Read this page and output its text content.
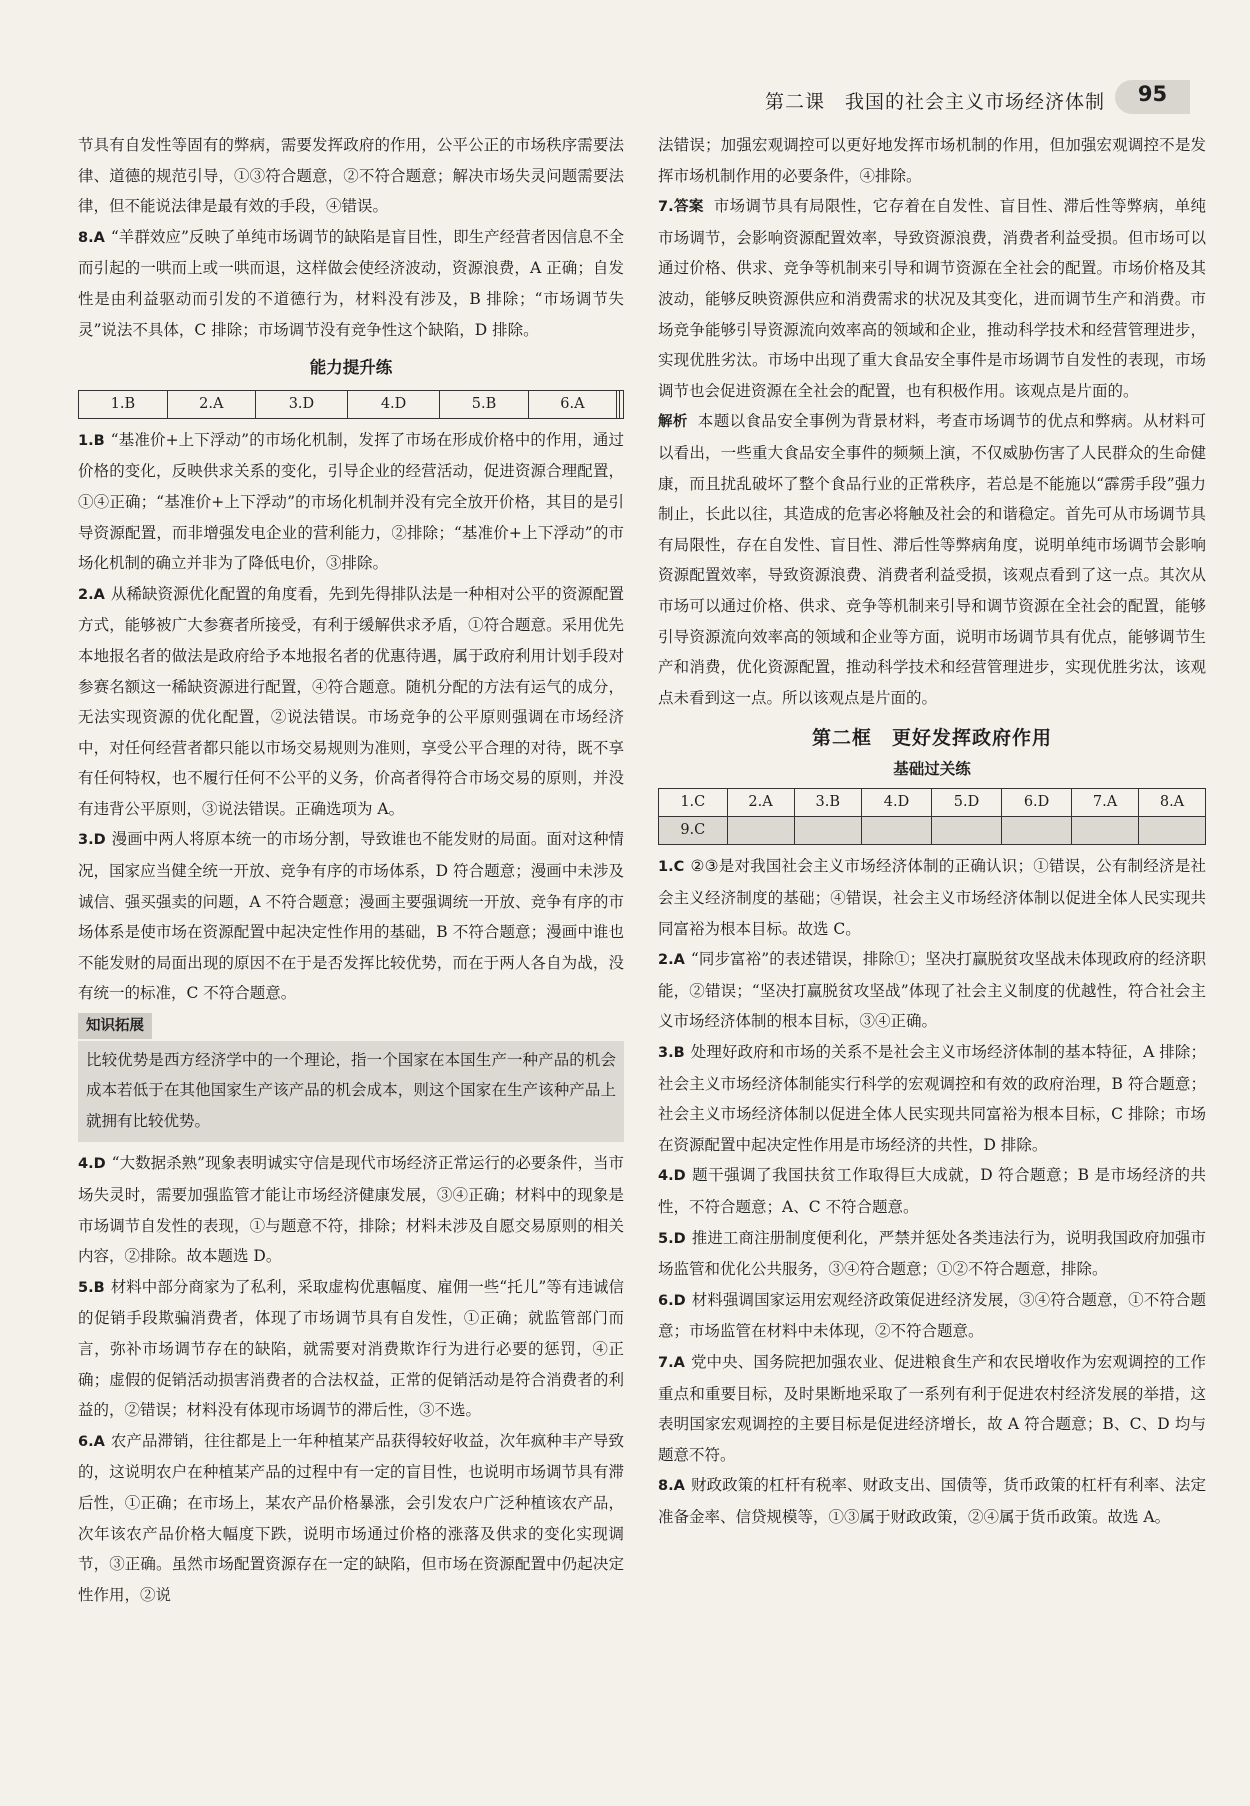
第二课　我国的社会主义市场经济体制	95

节具有自发性等固有的弊病，需要发挥政府的作用，公平公正的市场秩序需要法律、道德的规范引导，①③符合题意，②不符合题意；解决市场失灵问题需要法律，但不能说法律是最有效的手段，④错误。

8.A “羊群效应”反映了单纯市场调节的缺陷是盲目性，即生产经营者因信息不全而引起的一哄而上或一哄而退，这样做会使经济波动，资源浪费，A 正确；自发性是由利益驱动而引发的不道德行为，材料没有涉及，B 排除；“市场调节失灵”说法不具体，C 排除；市场调节没有竞争性这个缺陷，D 排除。

能力提升练
1.B	2.A	3.D	4.D	5.B	6.A		

1.B “基准价+上下浮动”的市场化机制，发挥了市场在形成价格中的作用，通过价格的变化，反映供求关系的变化，引导企业的经营活动，促进资源合理配置，①④正确；“基准价+上下浮动”的市场化机制并没有完全放开价格，其目的是引导资源配置，而非增强发电企业的营利能力，②排除；“基准价+上下浮动”的市场化机制的确立并非为了降低电价，③排除。

2.A 从稀缺资源优化配置的角度看，先到先得排队法是一种相对公平的资源配置方式，能够被广大参赛者所接受，有利于缓解供求矛盾，①符合题意。采用优先本地报名者的做法是政府给予本地报名者的优惠待遇，属于政府利用计划手段对参赛名额这一稀缺资源进行配置，④符合题意。随机分配的方法有运气的成分，无法实现资源的优化配置，②说法错误。市场竞争的公平原则强调在市场经济中，对任何经营者都只能以市场交易规则为准则，享受公平合理的对待，既不享有任何特权，也不履行任何不公平的义务，价高者得符合市场交易的原则，并没有违背公平原则，③说法错误。正确选项为 A。

3.D 漫画中两人将原本统一的市场分割，导致谁也不能发财的局面。面对这种情况，国家应当健全统一开放、竞争有序的市场体系，D 符合题意；漫画中未涉及诚信、强买强卖的问题，A 不符合题意；漫画主要强调统一开放、竞争有序的市场体系是使市场在资源配置中起决定性作用的基础，B 不符合题意；漫画中谁也不能发财的局面出现的原因不在于是否发挥比较优势，而在于两人各自为战，没有统一的标准，C 不符合题意。

知识拓展

比较优势是西方经济学中的一个理论，指一个国家在本国生产一种产品的机会成本若低于在其他国家生产该产品的机会成本，则这个国家在生产该种产品上就拥有比较优势。

4.D “大数据杀熟”现象表明诚实守信是现代市场经济正常运行的必要条件，当市场失灵时，需要加强监管才能让市场经济健康发展，③④正确；材料中的现象是市场调节自发性的表现，①与题意不符，排除；材料未涉及自愿交易原则的相关内容，②排除。故本题选 D。

5.B 材料中部分商家为了私利，采取虚构优惠幅度、雇佣一些“托儿”等有违诚信的促销手段欺骗消费者，体现了市场调节具有自发性，①正确；就监管部门而言，弥补市场调节存在的缺陷，就需要对消费欺诈行为进行必要的惩罚，④正确；虚假的促销活动损害消费者的合法权益，正常的促销活动是符合消费者的利益的，②错误；材料没有体现市场调节的滞后性，③不选。

6.A 农产品滞销，往往都是上一年种植某产品获得较好收益，次年疯种丰产导致的，这说明农户在种植某产品的过程中有一定的盲目性，也说明市场调节具有滞后性，①正确；在市场上，某农产品价格暴涨，会引发农户广泛种植该农产品，次年该农产品价格大幅度下跌，说明市场通过价格的涨落及供求的变化实现调节，③正确。虽然市场配置资源存在一定的缺陷，但市场在资源配置中仍起决定性作用，②说

法错误；加强宏观调控可以更好地发挥市场机制的作用，但加强宏观调控不是发挥市场机制作用的必要条件，④排除。

7.答案 市场调节具有局限性，它存着在自发性、盲目性、滞后性等弊病，单纯市场调节，会影响资源配置效率，导致资源浪费，消费者利益受损。但市场可以通过价格、供求、竞争等机制来引导和调节资源在全社会的配置。市场价格及其波动，能够反映资源供应和消费需求的状况及其变化，进而调节生产和消费。市场竞争能够引导资源流向效率高的领域和企业，推动科学技术和经营管理进步，实现优胜劣汰。市场中出现了重大食品安全事件是市场调节自发性的表现，市场调节也会促进资源在全社会的配置，也有积极作用。该观点是片面的。

解析 本题以食品安全事例为背景材料，考查市场调节的优点和弊病。从材料可以看出，一些重大食品安全事件的频频上演，不仅威胁伤害了人民群众的生命健康，而且扰乱破坏了整个食品行业的正常秩序，若总是不能施以“霹雳手段”强力制止，长此以往，其造成的危害必将触及社会的和谐稳定。首先可从市场调节具有局限性，存在自发性、盲目性、滞后性等弊病角度，说明单纯市场调节会影响资源配置效率，导致资源浪费、消费者利益受损，该观点看到了这一点。其次从市场可以通过价格、供求、竞争等机制来引导和调节资源在全社会的配置，能够引导资源流向效率高的领域和企业等方面，说明市场调节具有优点，能够调节生产和消费，优化资源配置，推动科学技术和经营管理进步，实现优胜劣汰，该观点未看到这一点。所以该观点是片面的。

第二框　更好发挥政府作用
基础过关练
1.C	2.A	3.B	4.D	5.D	6.D	7.A	8.A
9.C							

1.C ②③是对我国社会主义市场经济体制的正确认识；①错误，公有制经济是社会主义经济制度的基础；④错误，社会主义市场经济体制以促进全体人民实现共同富裕为根本目标。故选 C。

2.A “同步富裕”的表述错误，排除①；坚决打赢脱贫攻坚战未体现政府的经济职能，②错误；“坚决打赢脱贫攻坚战”体现了社会主义制度的优越性，符合社会主义市场经济体制的根本目标，③④正确。

3.B 处理好政府和市场的关系不是社会主义市场经济体制的基本特征，A 排除；社会主义市场经济体制能实行科学的宏观调控和有效的政府治理，B 符合题意；社会主义市场经济体制以促进全体人民实现共同富裕为根本目标，C 排除；市场在资源配置中起决定性作用是市场经济的共性，D 排除。

4.D 题干强调了我国扶贫工作取得巨大成就，D 符合题意；B 是市场经济的共性，不符合题意；A、C 不符合题意。

5.D 推进工商注册制度便利化，严禁并惩处各类违法行为，说明我国政府加强市场监管和优化公共服务，③④符合题意；①②不符合题意，排除。

6.D 材料强调国家运用宏观经济政策促进经济发展，③④符合题意，①不符合题意；市场监管在材料中未体现，②不符合题意。

7.A 党中央、国务院把加强农业、促进粮食生产和农民增收作为宏观调控的工作重点和重要目标，及时果断地采取了一系列有利于促进农村经济发展的举措，这表明国家宏观调控的主要目标是促进经济增长，故 A 符合题意；B、C、D 均与题意不符。

8.A 财政政策的杠杆有税率、财政支出、国债等，货币政策的杠杆有利率、法定准备金率、信贷规模等，①③属于财政政策，②④属于货币政策。故选 A。
